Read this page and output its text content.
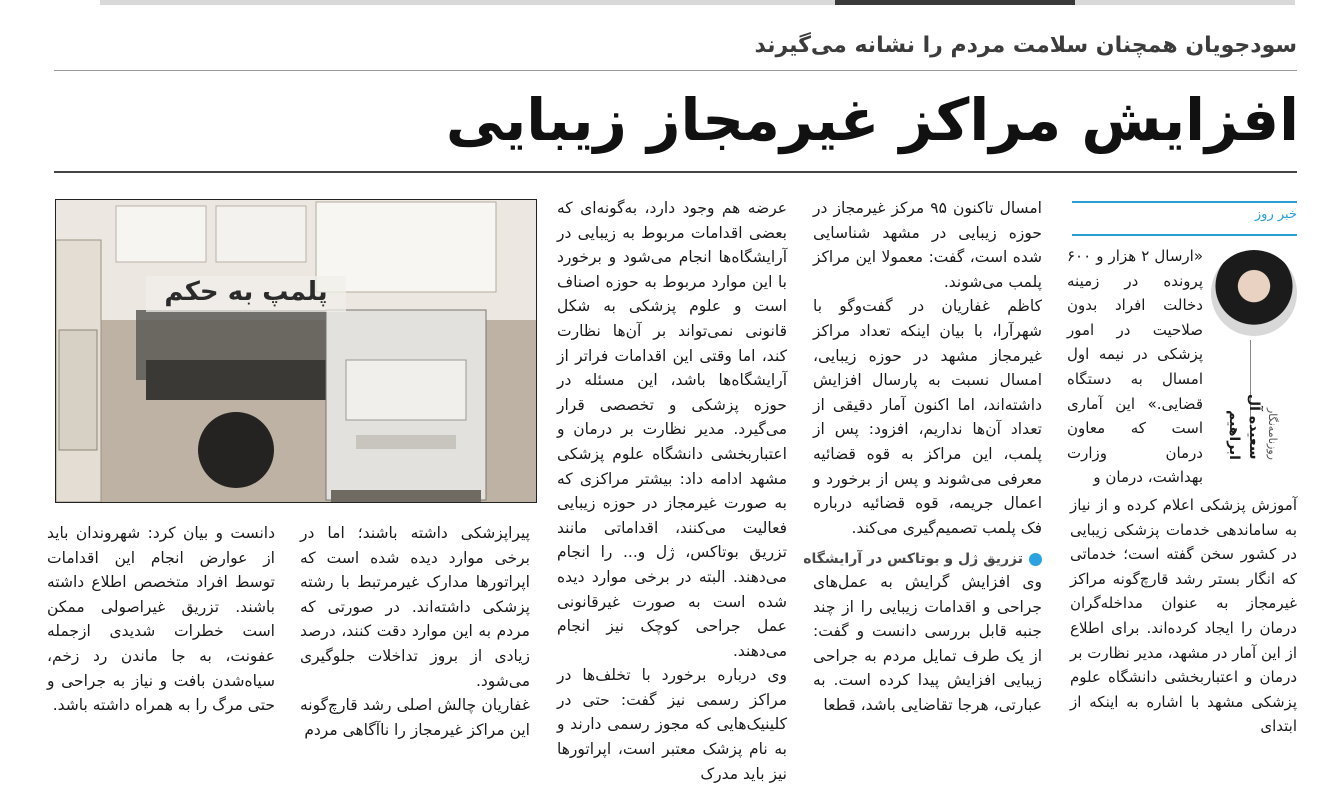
سودجویان همچنان سلامت مردم را نشانه می‌گیرند
افزایش مراکز غیرمجاز زیبایی
خبر روز
سعیده آل ابراهیم	روزنامه‌نگار

«ارسال ۲ هزار و ۶۰۰ پرونده در زمینه دخالت افراد بدون صلاحیت در امور پزشکی در نیمه اول امسال به دستگاه قضایی.» این آماری است که معاون درمان وزارت بهداشت، درمان و

آموزش پزشکی اعلام کرده و از نیاز به ساماندهی خدمات پزشکی زیبایی در کشور سخن گفته است؛ خدماتی که انگار بستر رشد قارچ‌گونه مراکز غیرمجاز به عنوان مداخله‌گران درمان را ایجاد کرده‌اند. برای اطلاع از این آمار در مشهد، مدیر نظارت بر درمان و اعتباربخشی دانشگاه علوم پزشکی مشهد با اشاره به اینکه از ابتدای

امسال تاکنون ۹۵ مرکز غیرمجاز در حوزه زیبایی در مشهد شناسایی شده است، گفت: معمولا این مراکز پلمب می‌شوند.

کاظم غفاریان در گفت‌وگو با شهرآرا، با بیان اینکه تعداد مراکز غیرمجاز مشهد در حوزه زیبایی، امسال نسبت به پارسال افزایش داشته‌اند، اما اکنون آمار دقیقی از تعداد آن‌ها نداریم، افزود: پس از پلمب، این مراکز به قوه قضائیه معرفی می‌شوند و پس از برخورد و اعمال جریمه، قوه قضائیه درباره فک پلمب تصمیم‌گیری می‌کند.

تزریق ژل و بوتاکس در آرایشگاه

وی افزایش گرایش به عمل‌های جراحی و اقدامات زیبایی را از چند جنبه قابل بررسی دانست و گفت: از یک طرف تمایل مردم به جراحی زیبایی افزایش پیدا کرده است. به عبارتی، هرجا تقاضایی باشد، قطعا

عرضه هم وجود دارد، به‌گونه‌ای که بعضی اقدامات مربوط به زیبایی در آرایشگاه‌ها انجام می‌شود و برخورد با این موارد مربوط به حوزه اصناف است و علوم پزشکی به شکل قانونی نمی‌تواند بر آن‌ها نظارت کند، اما وقتی این اقدامات فراتر از آرایشگاه‌ها باشد، این مسئله در حوزه پزشکی و تخصصی قرار می‌گیرد. مدیر نظارت بر درمان و اعتباربخشی دانشگاه علوم پزشکی مشهد ادامه داد: بیشتر مراکزی که به صورت غیرمجاز در حوزه زیبایی فعالیت می‌کنند، اقداماتی مانند تزریق بوتاکس، ژل و... را انجام می‌دهند. البته در برخی موارد دیده شده است به صورت غیرقانونی عمل جراحی کوچک نیز انجام می‌دهند.

وی درباره برخورد با تخلف‌ها در مراکز رسمی نیز گفت: حتی در کلینیک‌هایی که مجوز رسمی دارند و به نام پزشک معتبر است، اپراتورها نیز باید مدرک

پلمپ به حکم

پیراپزشکی داشته باشند؛ اما در برخی موارد دیده شده است که اپراتورها مدارک غیرمرتبط با رشته پزشکی داشته‌اند. در صورتی که مردم به این موارد دقت کنند، درصد زیادی از بروز تداخلات جلوگیری می‌شود.

غفاریان چالش اصلی رشد قارچ‌گونه این مراکز غیرمجاز را ناآگاهی مردم

دانست و بیان کرد: شهروندان باید از عوارض انجام این اقدامات توسط افراد متخصص اطلاع داشته باشند. تزریق غیراصولی ممکن است خطرات شدیدی ازجمله عفونت، به جا ماندن رد زخم، سیاه‌شدن بافت و نیاز به جراحی و حتی مرگ را به همراه داشته باشد.
